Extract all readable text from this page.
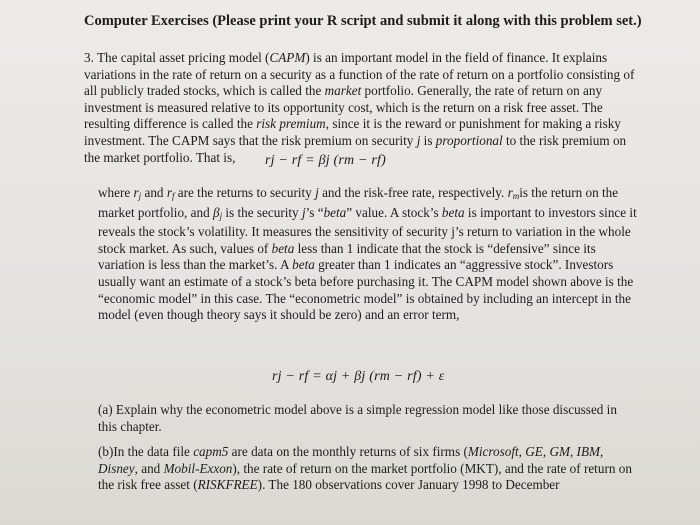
Computer Exercises (Please print your R script and submit it along with this problem set.)

3. The capital asset pricing model (CAPM) is an important model in the field of finance. It explains variations in the rate of return on a security as a function of the rate of return on a portfolio consisting of all publicly traded stocks, which is called the market portfolio. Generally, the rate of return on any investment is measured relative to its opportunity cost, which is the return on a risk free asset. The resulting difference is called the risk premium, since it is the reward or punishment for making a risky investment. The CAPM says that the risk premium on security j is proportional to the risk premium on the market portfolio. That is,	rj − rf = βj (rm − rf)

where $r_j$ and $r_f$ are the returns to security j and the risk-free rate, respectively. $r_mis$ the return on the market portfolio, and $\beta_j$ is the security j’s “beta” value. A stock’s beta is important to investors since it reveals the stock’s volatility. It measures the sensitivity of security j’s return to variation in the whole stock market. As such, values of beta less than 1 indicate that the stock is “defensive” since its variation is less than the market’s. A beta greater than 1 indicates an “aggressive stock”. Investors usually want an estimate of a stock’s beta before purchasing it. The CAPM model shown above is the “economic model” in this case. The “econometric model” is obtained by including an intercept in the model (even though theory says it should be zero) and an error term,

rj − rf = αj + βj (rm − rf) + ε

(a) Explain why the econometric model above is a simple regression model like those discussed in this chapter.

(b)In the data file capm5 are data on the monthly returns of six firms (Microsoft, GE, GM, IBM, Disney, and Mobil-Exxon), the rate of return on the market portfolio (MKT), and the rate of return on the risk free asset (RISKFREE). The 180 observations cover January 1998 to December
